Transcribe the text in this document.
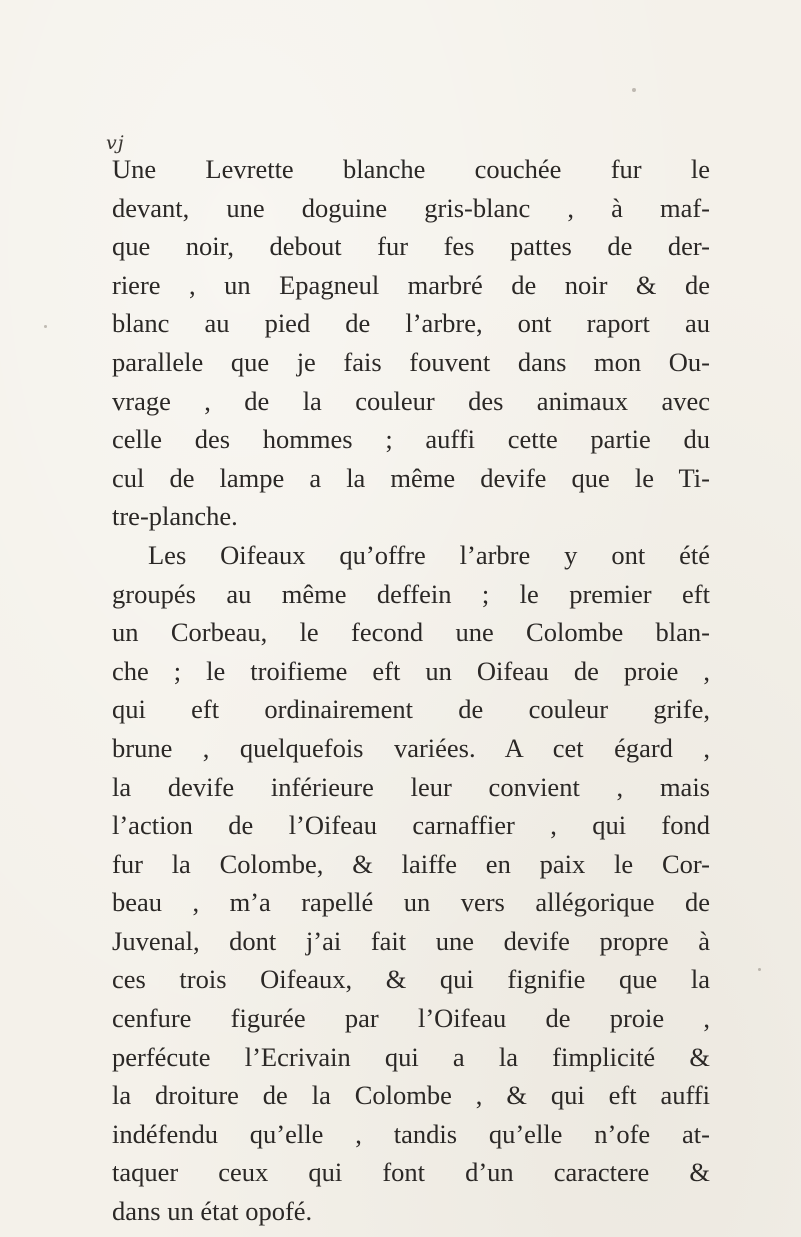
vj
Une Levrette blanche couchée fur le
devant, une doguine gris-blanc , à maf-
que noir, debout fur fes pattes de der-
riere , un Epagneul marbré de noir & de
blanc au pied de l’arbre, ont raport au
parallele que je fais fouvent dans mon Ou-
vrage , de la couleur des animaux avec
celle des hommes ; auffi cette partie du
cul de lampe a la même devife que le Ti-
tre-planche.
Les Oifeaux qu’offre l’arbre y ont été
groupés au même deffein ; le premier eft
un Corbeau, le fecond une Colombe blan-
che ; le troifieme eft un Oifeau de proie ,
qui eft ordinairement de couleur grife,
brune , quelquefois variées. A cet égard ,
la devife inférieure leur convient , mais
l’action de l’Oifeau carnaffier , qui fond
fur la Colombe, & laiffe en paix le Cor-
beau , m’a rapellé un vers allégorique de
Juvenal, dont j’ai fait une devife propre à
ces trois Oifeaux, & qui fignifie que la
cenfure figurée par l’Oifeau de proie ,
perfécute l’Ecrivain qui a la fimplicité &
la droiture de la Colombe , & qui eft auffi
indéfendu qu’elle , tandis qu’elle n’ofe at-
taquer ceux qui font d’un caractere &
dans un état opofé.
